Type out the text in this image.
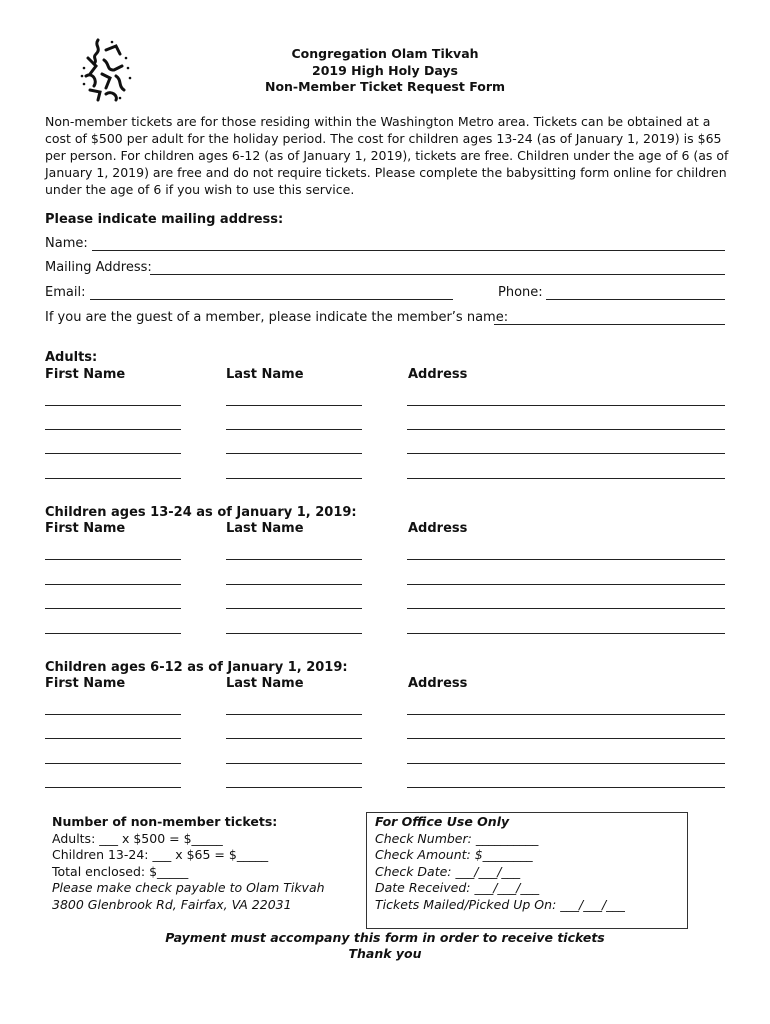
Congregation Olam Tikvah
2019 High Holy Days
Non-Member Ticket Request Form
Non-member tickets are for those residing within the Washington Metro area. Tickets can be obtained at a cost of $500 per adult for the holiday period. The cost for children ages 13-24 (as of January 1, 2019) is $65 per person. For children ages 6-12 (as of January 1, 2019), tickets are free. Children under the age of 6 (as of January 1, 2019) are free and do not require tickets. Please complete the babysitting form online for children under the age of 6 if you wish to use this service.
Please indicate mailing address:
Name:
Mailing Address:
Email:	Phone:
If you are the guest of a member, please indicate the member’s name:
Adults:
First Name	Last Name	Address
Children ages 13-24 as of January 1, 2019:
First Name	Last Name	Address
Children ages 6-12 as of January 1, 2019:
First Name	Last Name	Address
Number of non-member tickets:
Adults: ___ x $500 = $_____
Children 13-24: ___ x $65 = $_____
Total enclosed: $_____
Please make check payable to Olam Tikvah
3800 Glenbrook Rd, Fairfax, VA 22031
For Office Use Only
Check Number: __________
Check Amount: $________
Check Date: ___/___/___
Date Received: ___/___/___
Tickets Mailed/Picked Up On: ___/___/___
Payment must accompany this form in order to receive tickets
Thank you
